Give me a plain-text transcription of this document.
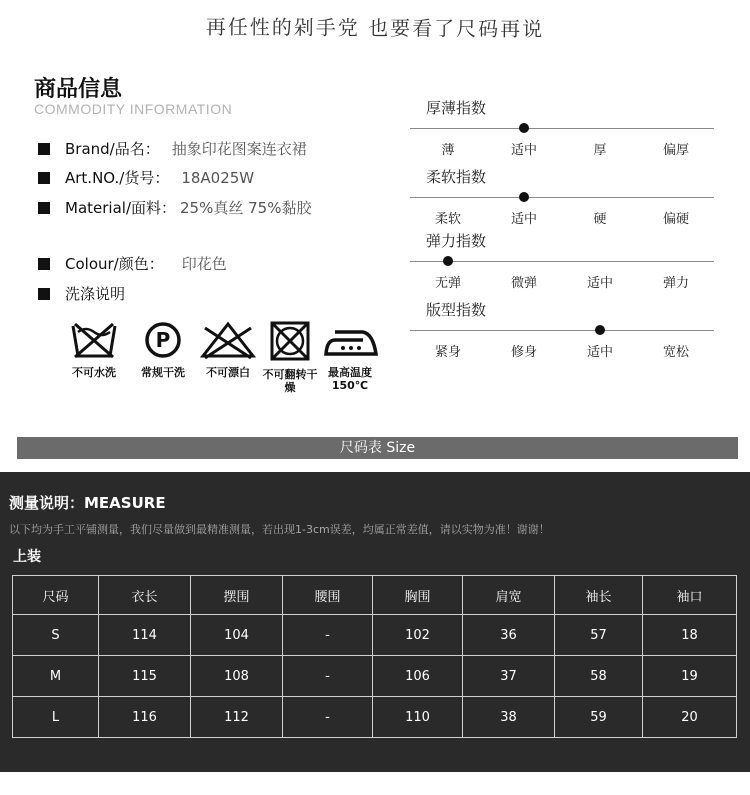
再任性的剁手党 也要看了尺码再说
商品信息
COMMODITY INFORMATION
Brand/品名： 抽象印花图案连衣裙
Art.NO./货号： 18A025W
Material/面料： 25%真丝 75%黏胶
Colour/颜色： 印花色
洗涤说明
不可水洗
P
常规干洗	不可漂白	不可翻转干燥
最高温度150℃
厚薄指数
薄	适中	厚	偏厚
柔软指数
柔软	适中	硬	偏硬
弹力指数
无弹	微弹	适中	弹力
版型指数
紧身	修身	适中	宽松
尺码表 Size
测量说明：MEASURE
以下均为手工平铺测量，我们尽量做到最精准测量，若出现1-3cm误差，均属正常差值，请以实物为准！谢谢！
上装
尺码	衣长	摆围	腰围	胸围	肩宽	袖长	袖口
S	114	104	-	102	36	57	18
M	115	108	-	106	37	58	19
L	116	112	-	110	38	59	20
